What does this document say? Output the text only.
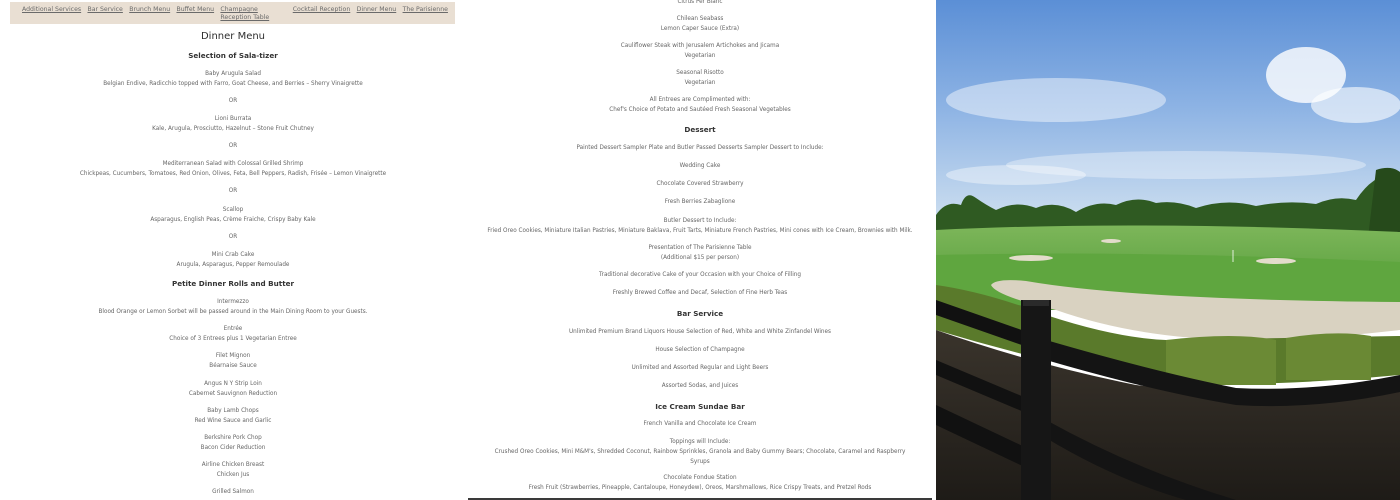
Additional Services Bar Service Brunch Menu Buffet Menu Champagne Reception Table
Cocktail Reception Dinner Menu The Parisienne
Dinner Menu
Selection of Sala-tizer
Baby Arugula Salad
Belgian Endive, Radicchio topped with Farro, Goat Cheese, and Berries – Sherry Vinaigrette
OR
Lioni Burrata
Kale, Arugula, Prosciutto, Hazelnut – Stone Fruit Chutney
OR
Mediterranean Salad with Colossal Grilled Shrimp
Chickpeas, Cucumbers, Tomatoes, Red Onion, Olives, Feta, Bell Peppers, Radish, Frisée – Lemon Vinaigrette
OR
Scallop
Asparagus, English Peas, Crème Fraiche, Crispy Baby Kale
OR
Mini Crab Cake
Arugula, Asparagus, Pepper Remoulade
Petite Dinner Rolls and Butter
Intermezzo
Blood Orange or Lemon Sorbet will be passed around in the Main Dining Room to your Guests.
Entrée
Choice of 3 Entrees plus 1 Vegetarian Entree
Filet Mignon
Béarnaise Sauce
Angus N Y Strip Loin
Cabernet Sauvignon Reduction
Baby Lamb Chops
Red Wine Sauce and Garlic
Berkshire Pork Chop
Bacon Cider Reduction
Airline Chicken Breast
Chicken Jus
Grilled Salmon
Citrus Per Blanc
Chilean Seabass
Lemon Caper Sauce (Extra)
Cauliflower Steak with Jerusalem Artichokes and Jicama
Vegetarian
Seasonal Risotto
Vegetarian
All Entrees are Complimented with:
Chef's Choice of Potato and Sautéed Fresh Seasonal Vegetables
Dessert
Painted Dessert Sampler Plate and Butler Passed Desserts Sampler Dessert to Include:
Wedding Cake
Chocolate Covered Strawberry
Fresh Berries Zabaglione
Butler Dessert to Include:
Fried Oreo Cookies, Miniature Italian Pastries, Miniature Baklava, Fruit Tarts, Miniature French Pastries, Mini cones with Ice Cream, Brownies with Milk.
Presentation of The Parisienne Table
(Additional $15 per person)
Traditional decorative Cake of your Occasion with your Choice of Filling
Freshly Brewed Coffee and Decaf, Selection of Fine Herb Teas
Bar Service
Unlimited Premium Brand Liquors House Selection of Red, White and White Zinfandel Wines
House Selection of Champagne
Unlimited and Assorted Regular and Light Beers
Assorted Sodas, and Juices
Ice Cream Sundae Bar
French Vanilla and Chocolate Ice Cream
Toppings will Include:
Crushed Oreo Cookies, Mini M&M's, Shredded Coconut, Rainbow Sprinkles, Granola and Baby Gummy Bears; Chocolate, Caramel and Raspberry
Syrups
Chocolate Fondue Station
Fresh Fruit (Strawberries, Pineapple, Cantaloupe, Honeydew), Oreos, Marshmallows, Rice Crispy Treats, and Pretzel Rods
